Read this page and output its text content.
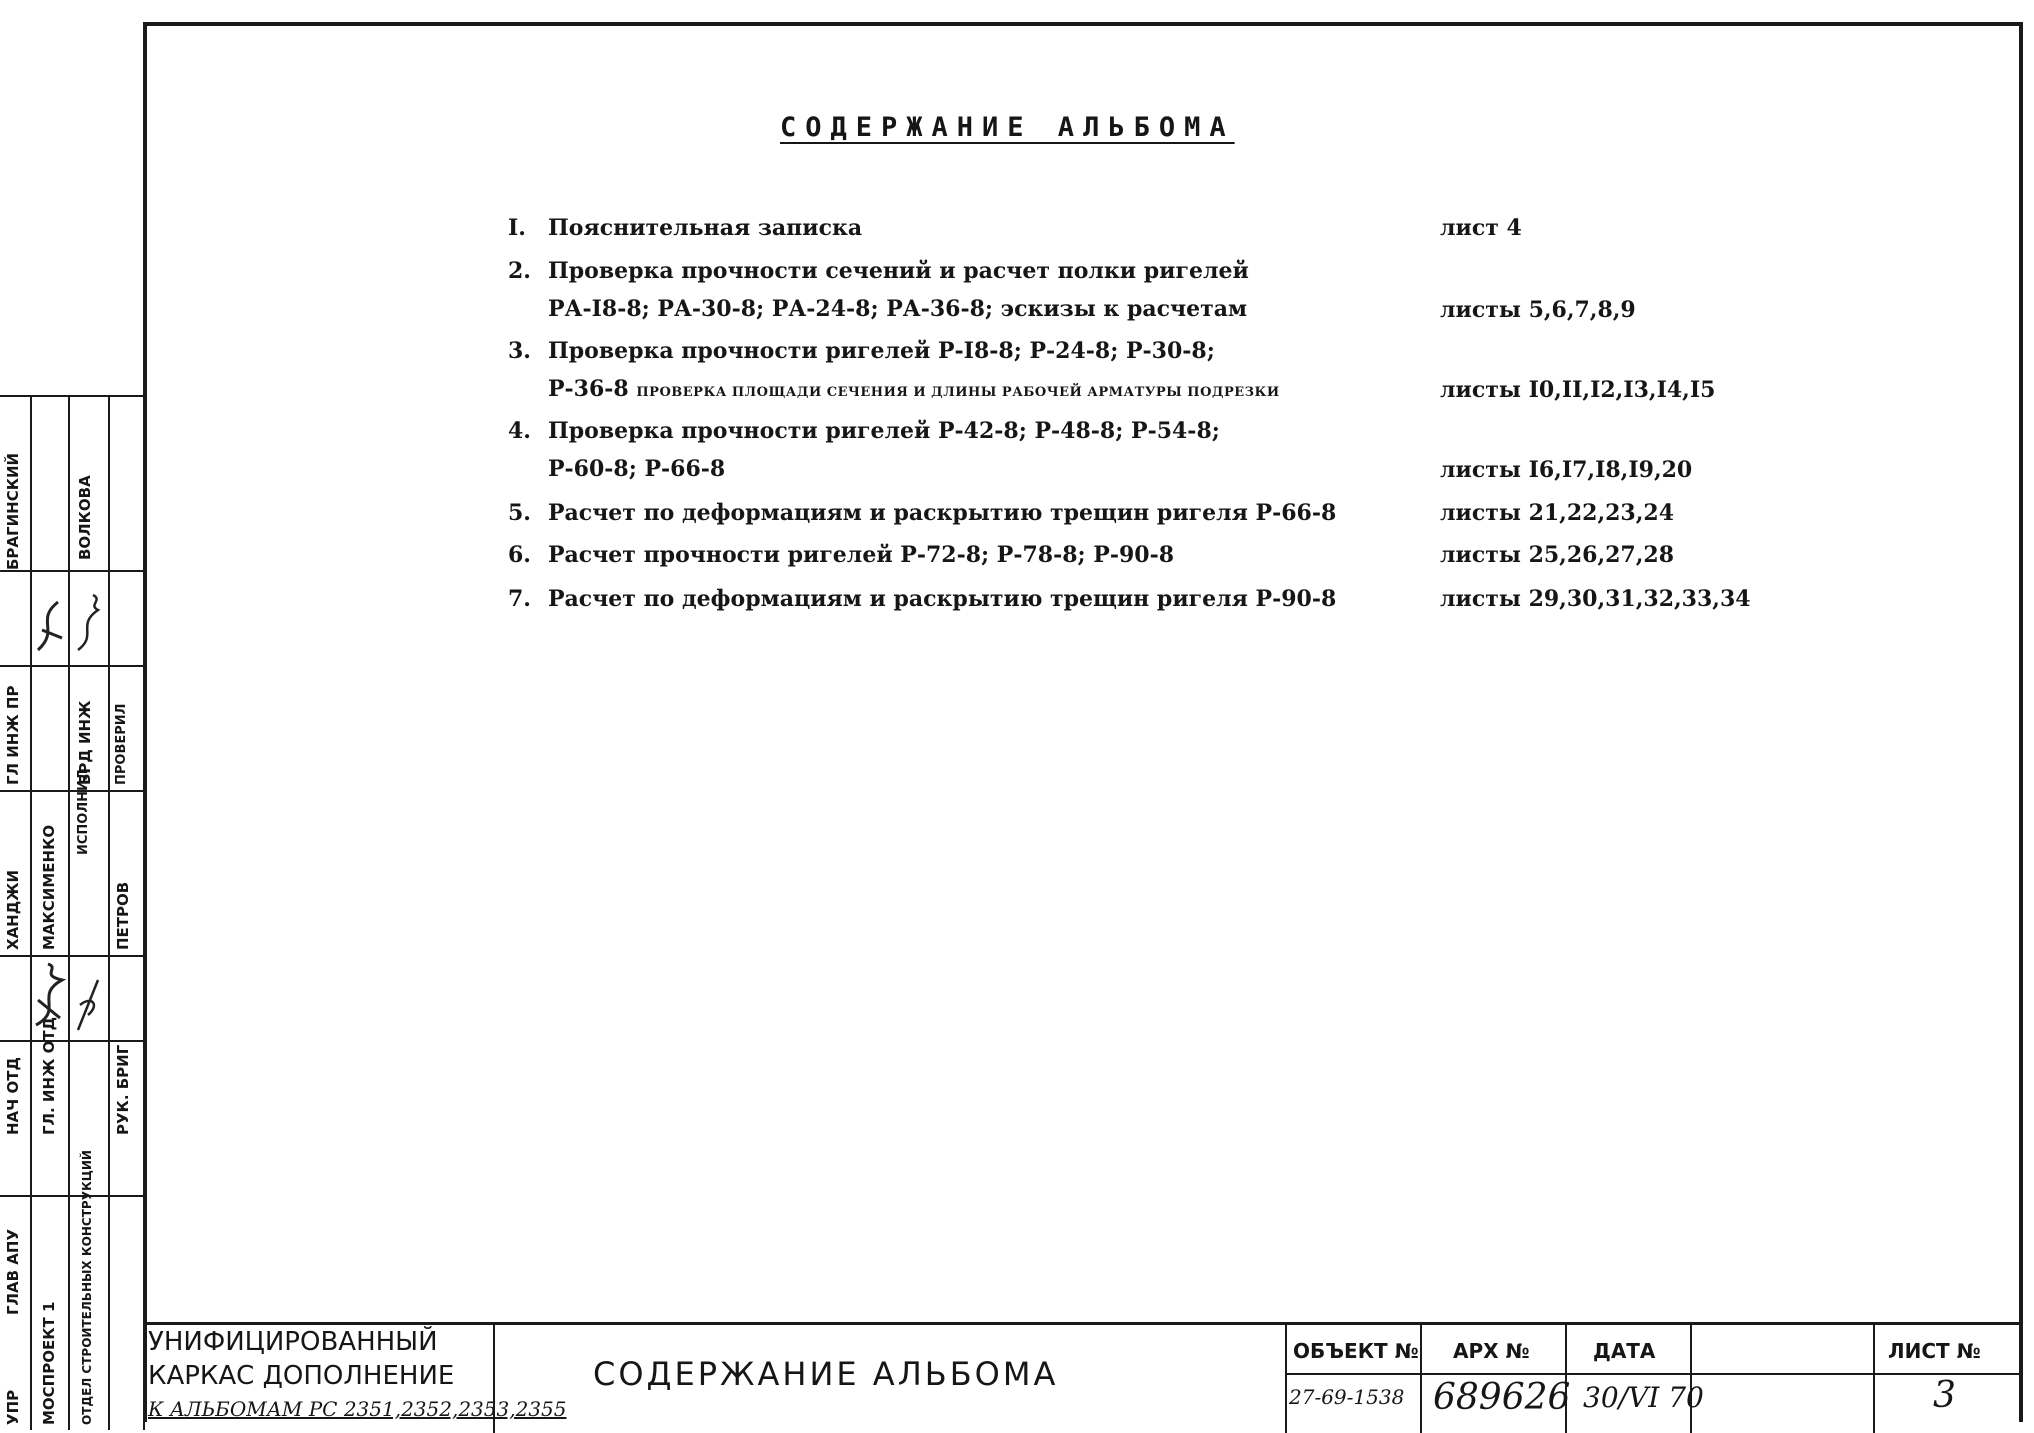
СОДЕРЖАНИЕ АЛЬБОМА
I. Пояснительная записка	лист 4
2. Проверка прочности сечений и расчет полки ригелей
РА-I8-8; РА-30-8; РА-24-8; РА-36-8; эскизы к расчетам	листы 5,6,7,8,9
3. Проверка прочности ригелей Р-I8-8; Р-24-8; Р-30-8;
Р-36-8 ПРОВЕРКА ПЛОЩАДИ СЕЧЕНИЯ И ДЛИНЫ РАБОЧЕЙ АРМАТУРЫ ПОДРЕЗКИ	листы I0,II,I2,I3,I4,I5
4. Проверка прочности ригелей Р-42-8; Р-48-8; Р-54-8;
Р-60-8; Р-66-8	листы I6,I7,I8,I9,20
5. Расчет по деформациям и раскрытию трещин ригеля Р-66-8	листы 21,22,23,24
6. Расчет прочности ригелей Р-72-8; Р-78-8; Р-90-8	листы 25,26,27,28
7. Расчет по деформациям и раскрытию трещин ригеля Р-90-8	листы 29,30,31,32,33,34
БРАГИНСКИЙ
ГЛ ИНЖ ПР
ХАНДЖИ
НАЧ ОТД
ГЛАВ АПУ
УПР
ВОЛКОВА
БРД ИНЖ
МАКСИМЕНКО
ГЛ. ИНЖ ОТД
МОСПРОЕКТ 1
ПЕТРОВ
РУК. БРИГ
ОТДЕЛ СТРОИТЕЛЬНЫХ КОНСТРУКЦИЙ
ИСПОЛНИЛ
ПРОВЕРИЛ
УНИФИЦИРОВАННЫЙ
КАРКАС ДОПОЛНЕНИЕ
К АЛЬБОМАМ РС 2351,2352,2353,2355
СОДЕРЖАНИЕ АЛЬБОМА
ОБЪЕКТ №
27-69-1538
АРХ №
689626
ДАТА
30/VI 70
ЛИСТ №
3
